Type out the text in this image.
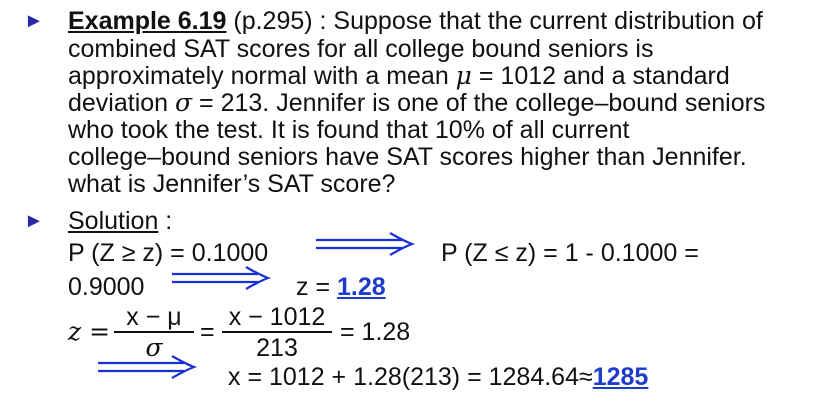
► Example 6.19 (p.295) : Suppose that the current distribution of
combined SAT scores for all college bound seniors is
approximately normal with a mean μ = 1012 and a standard
deviation σ = 213. Jennifer is one of the college–bound seniors
who took the test. It is found that 10% of all current
college–bound seniors have SAT scores higher than Jennifer.
what is Jennifer’s SAT score?
► Solution :
P (Z ≥ z) = 0.1000	P (Z ≤ z) = 1 - 0.1000 =
0.9000	z = 1.28
z = x − μ
σ
=
x − 1012
213
= 1.28
x = 1012 + 1.28(213) = 1284.64≈1285
